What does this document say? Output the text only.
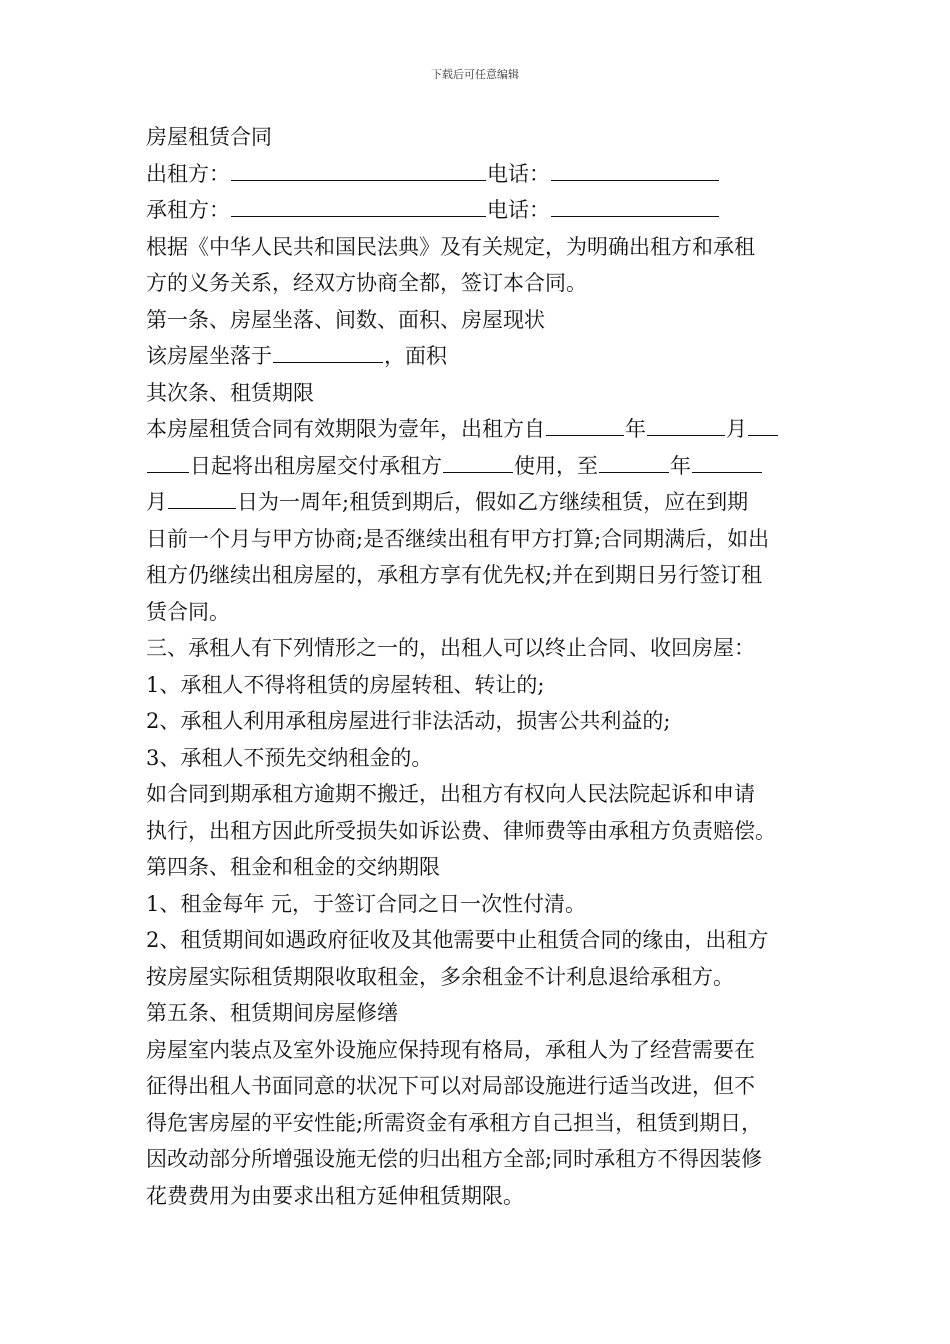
下载后可任意编辑
房屋租赁合同
出租方：	电话：
承租方：	电话：
根据《中华人民共和国民法典》及有关规定，为明确出租方和承租
方的义务关系，经双方协商全都，签订本合同。
第一条、房屋坐落、间数、面积、房屋现状
该房屋坐落于	，面积
其次条、租赁期限
本房屋租赁合同有效期限为壹年，出租方自	年	月
日起将出租房屋交付承租方	使用，至	年
月	日为一周年;租赁到期后，假如乙方继续租赁，应在到期
日前一个月与甲方协商;是否继续出租有甲方打算;合同期满后，如出
租方仍继续出租房屋的，承租方享有优先权;并在到期日另行签订租
赁合同。
三、承租人有下列情形之一的，出租人可以终止合同、收回房屋：
1、承租人不得将租赁的房屋转租、转让的;
2、承租人利用承租房屋进行非法活动，损害公共利益的;
3、承租人不预先交纳租金的。
如合同到期承租方逾期不搬迁，出租方有权向人民法院起诉和申请
执行，出租方因此所受损失如诉讼费、律师费等由承租方负责赔偿。
第四条、租金和租金的交纳期限
1、租金每年 元，于签订合同之日一次性付清。
2、租赁期间如遇政府征收及其他需要中止租赁合同的缘由，出租方
按房屋实际租赁期限收取租金，多余租金不计利息退给承租方。
第五条、租赁期间房屋修缮
房屋室内装点及室外设施应保持现有格局，承租人为了经营需要在
征得出租人书面同意的状况下可以对局部设施进行适当改进，但不
得危害房屋的平安性能;所需资金有承租方自己担当，租赁到期日，
因改动部分所增强设施无偿的归出租方全部;同时承租方不得因装修
花费费用为由要求出租方延伸租赁期限。
